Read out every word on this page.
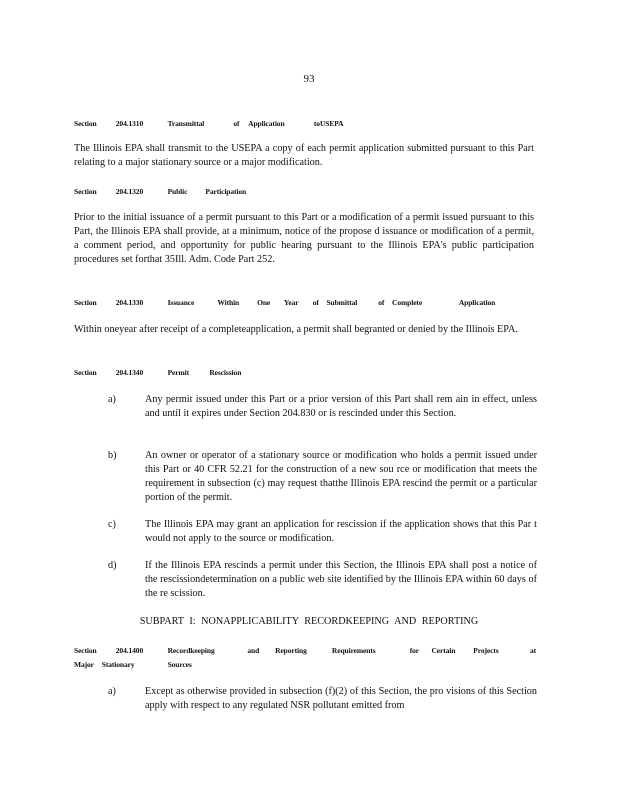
93
Section	204.1310	Transmittal	of Application	toUSEPA
The Illinois EPA shall transmit to the USEPA a copy of each permit application submitted pursuant to this Part relating to a major stationary source or a major modification.
Section	204.1320	Public Participation
Prior to the initial issuance of a permit pursuant to this Part or a modification of a permit issued pursuant to this Part, the Illinois EPA shall provide, at a minimum, notice of the propose d issuance or modification of a permit, a comment period, and opportunity for public hearing pursuant to the Illinois EPA's public participation procedures set forthat 35Ill. Adm. Code Part 252.
Section	204.1330	Issuance	Within One Year of Submittal	of Complete	Application
Within oneyear after receipt of a completeapplication, a permit shall begranted or denied by the Illinois EPA.
Section	204.1340	Permit	Rescission
a)	Any permit issued under this Part or a prior version of this Part shall rem ain in effect, unless and until it expires under Section 204.830 or is rescinded under this Section.
b)	An owner or operator of a stationary source or modification who holds a permit issued under this Part or 40 CFR 52.21 for the construction of a new sou rce or modification that meets the requirement in subsection (c) may request thatthe Illinois EPA rescind the permit or a particular portion of the permit.
c)	The Illinois EPA may grant an application for rescission if the application shows that this Par t would not apply to the source or modification.
d)	If the Illinois EPA rescinds a permit under this Section, the Illinois EPA shall post a notice of the rescissiondetermination on a public web site identified by the Illinois EPA within 60 days of the re scission.
SUBPART I: NONAPPLICABILITY RECORDKEEPING AND REPORTING
Section	204.1400	Recordkeeping	and Reporting	Requirements	for Certain Projects	at
Major Stationary	Sources
a)	Except as otherwise provided in subsection (f)(2) of this Section, the pro visions of this Section apply with respect to any regulated NSR pollutant emitted from
